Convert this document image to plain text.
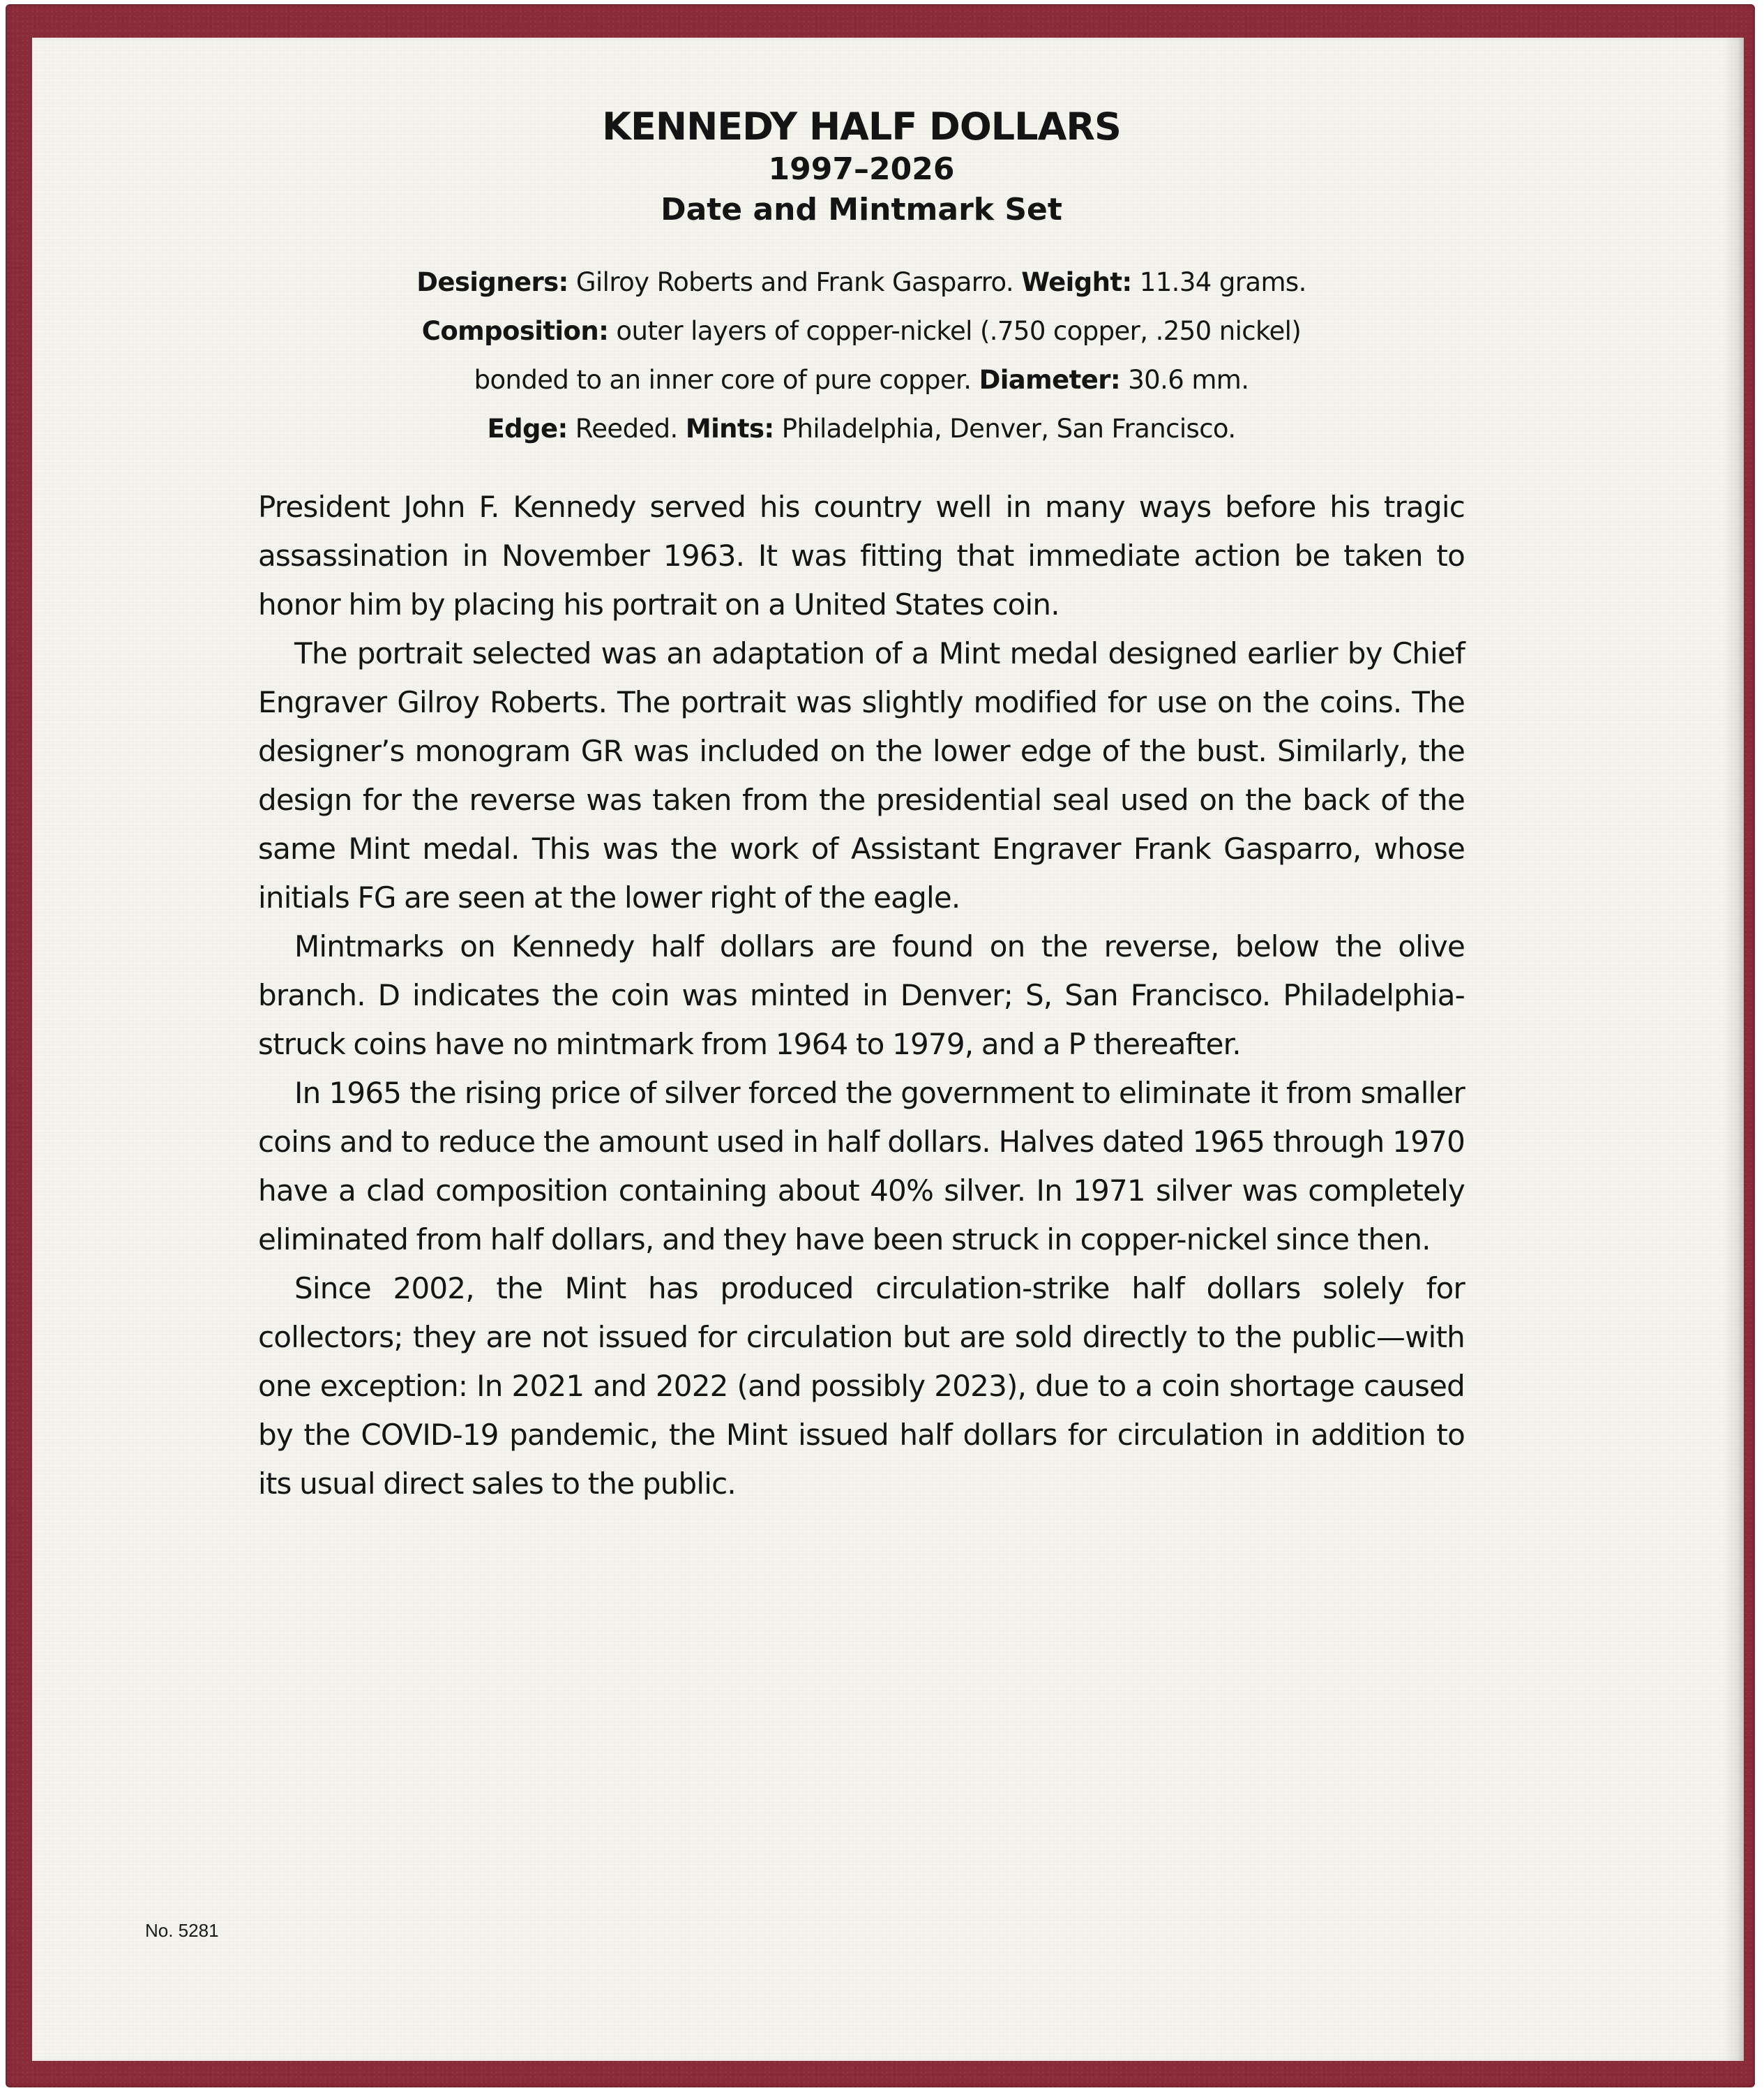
KENNEDY HALF DOLLARS
1997–2026
Date and Mintmark Set
Designers: Gilroy Roberts and Frank Gasparro. Weight: 11.34 grams.
Composition: outer layers of copper-nickel (.750 copper, .250 nickel)
bonded to an inner core of pure copper. Diameter: 30.6 mm.
Edge: Reeded. Mints: Philadelphia, Denver, San Francisco.

President John F. Kennedy served his country well in many ways before his tragic assassination in November 1963. It was fitting that immediate action be taken to honor him by placing his portrait on a United States coin.

The portrait selected was an adaptation of a Mint medal designed earlier by Chief Engraver Gilroy Roberts. The portrait was slightly modified for use on the coins. The designer’s monogram GR was included on the lower edge of the bust. Similarly, the design for the reverse was taken from the presidential seal used on the back of the same Mint medal. This was the work of Assistant Engraver Frank Gasparro, whose initials FG are seen at the lower right of the eagle.

Mintmarks on Kennedy half dollars are found on the reverse, below the olive branch. D indicates the coin was minted in Denver; S, San Francisco. Philadelphia-struck coins have no mintmark from 1964 to 1979, and a P thereafter.

In 1965 the rising price of silver forced the government to eliminate it from smaller coins and to reduce the amount used in half dollars. Halves dated 1965 through 1970 have a clad composition containing about 40% silver. In 1971 silver was completely eliminated from half dollars, and they have been struck in copper-nickel since then.

Since 2002, the Mint has produced circulation-strike half dollars solely for collectors; they are not issued for circulation but are sold directly to the public—with one exception: In 2021 and 2022 (and possibly 2023), due to a coin shortage caused by the COVID-19 pandemic, the Mint issued half dollars for circulation in addition to its usual direct sales to the public.

No. 5281
